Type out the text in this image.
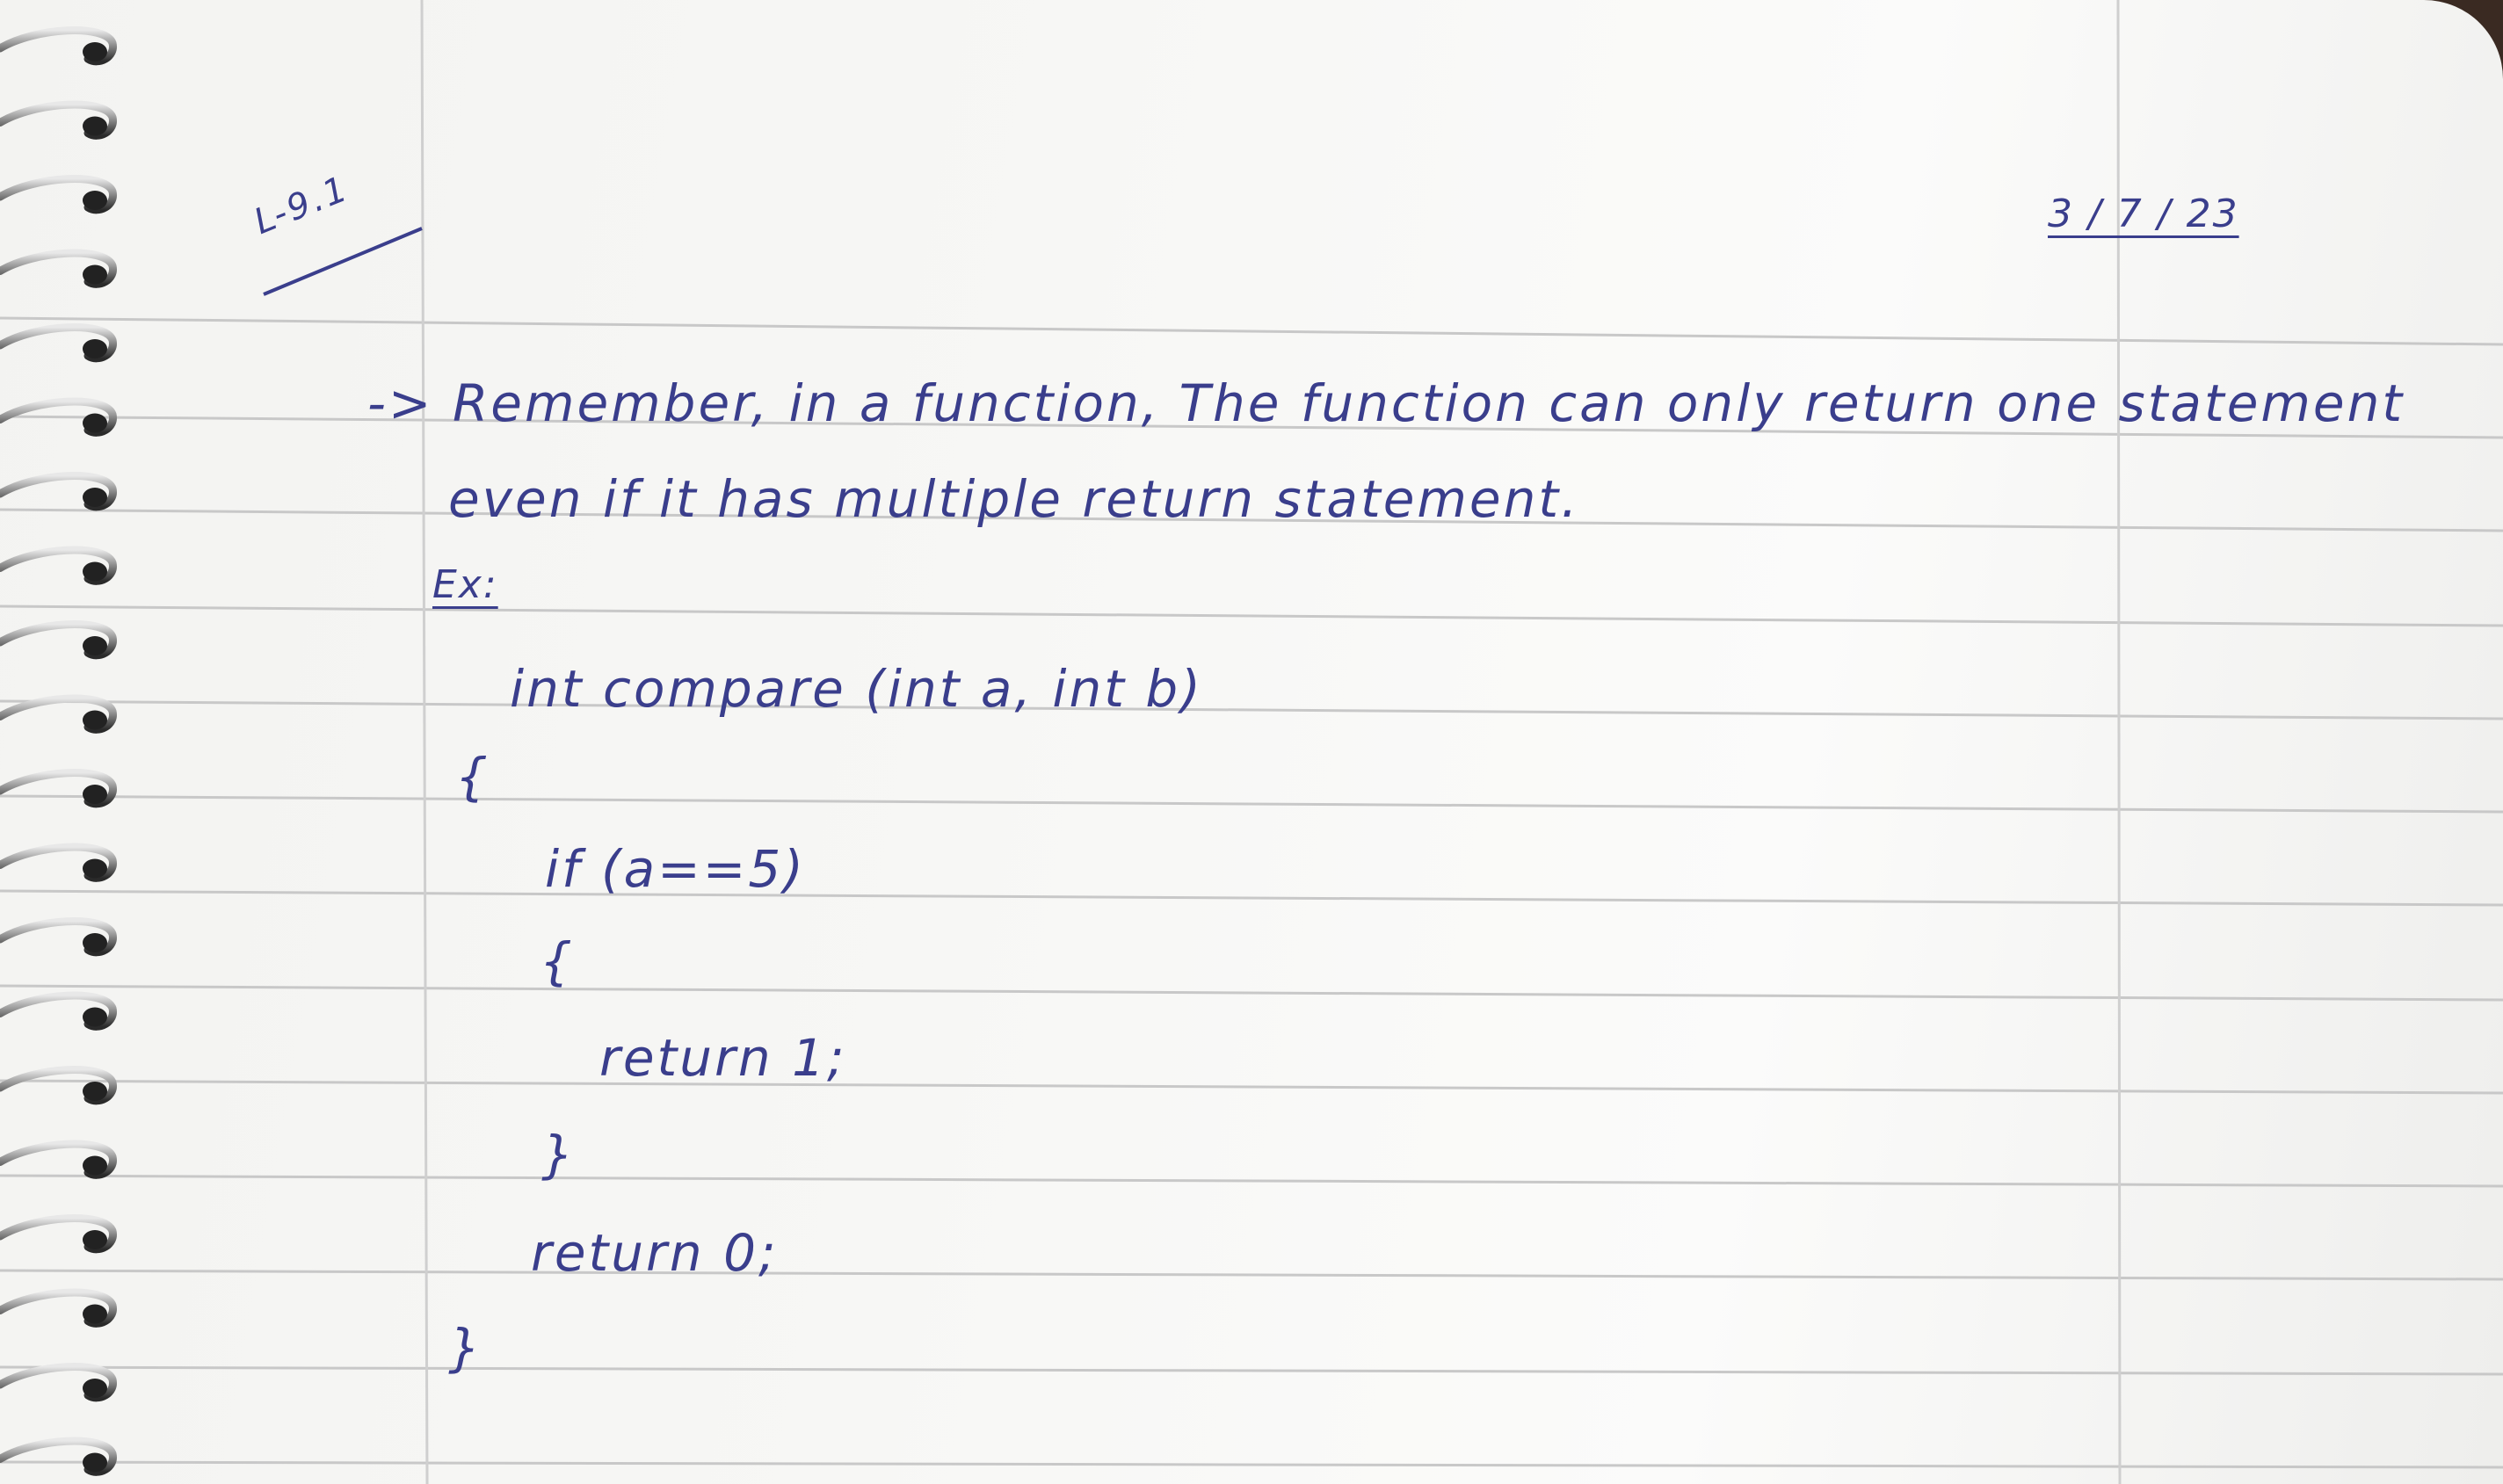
L-9.1	3 / 7 / 23
-> Remember, in a function, The function can only return one statement
even if it has multiple return statement.
Ex:
int compare (int a, int b)
{
if (a==5)
{
return 1;
}
return 0;
}
